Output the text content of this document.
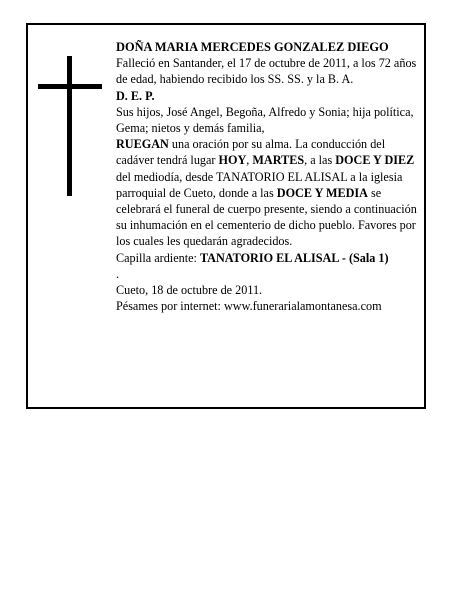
DOÑA MARIA MERCEDES GONZALEZ DIEGO

Falleció en Santander, el 17 de octubre de 2011, a los 72 años de edad, habiendo recibido los SS. SS. y la B. A.

D. E. P.

Sus hijos, José Angel, Begoña, Alfredo y Sonia; hija política, Gema; nietos y demás familia,

RUEGAN una oración por su alma. La conducción del cadáver tendrá lugar HOY, MARTES, a las DOCE Y DIEZ del mediodía, desde TANATORIO EL ALISAL a la iglesia parroquial de Cueto, donde a las DOCE Y MEDIA se celebrará el funeral de cuerpo presente, siendo a continuación su inhumación en el cementerio de dicho pueblo. Favores por los cuales les quedarán agradecidos.

Capilla ardiente: TANATORIO EL ALISAL - (Sala 1)

.

Cueto, 18 de octubre de 2011.

Pésames por internet: www.funerarialamontanesa.com
